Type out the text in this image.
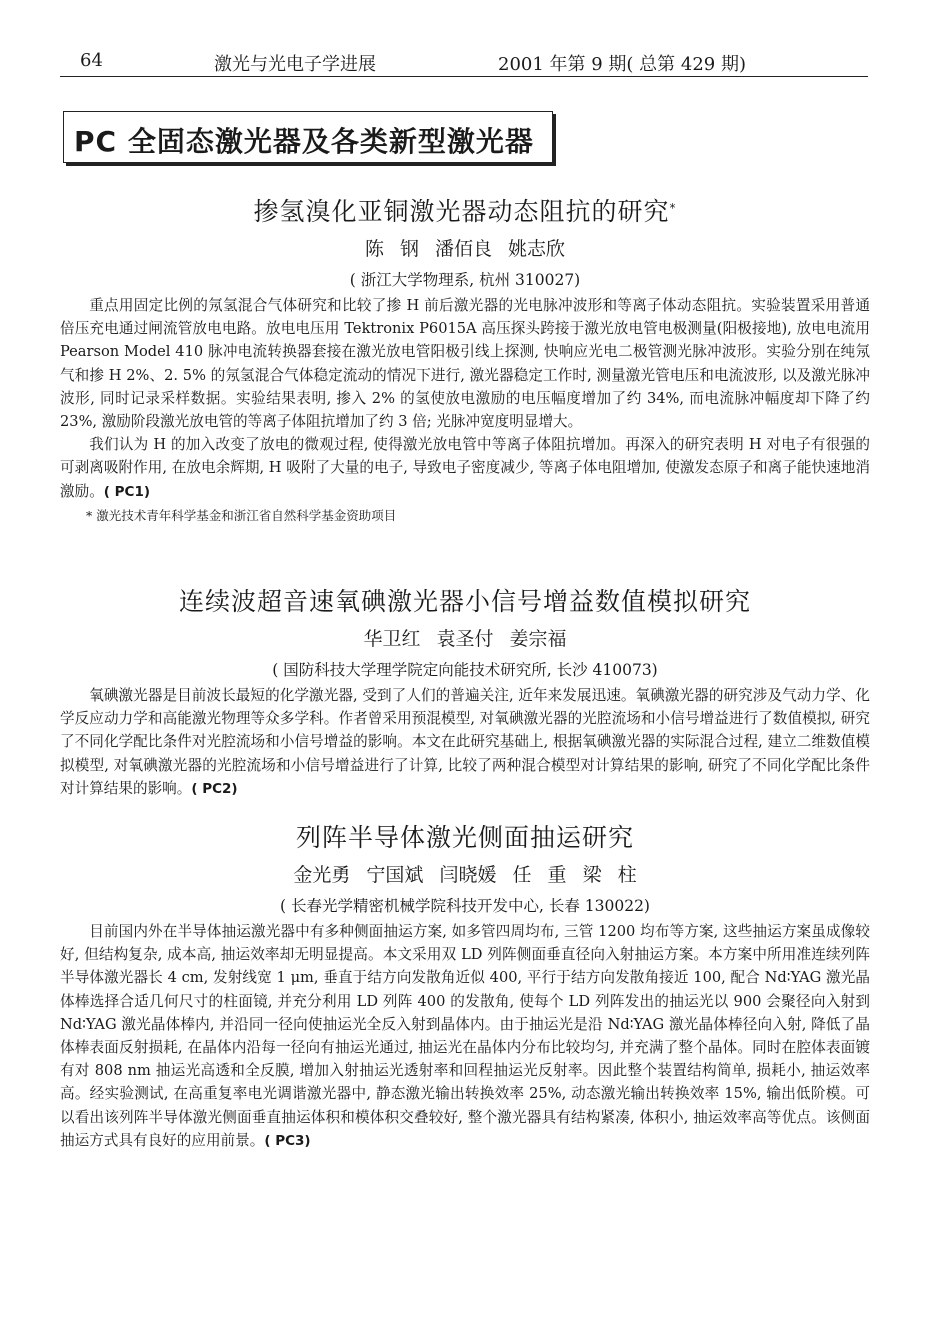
64	激光与光电子学进展	2001 年第 9 期( 总第 429 期)
PC 全固态激光器及各类新型激光器
掺氢溴化亚铜激光器动态阻抗的研究*
陈 钢 潘佰良 姚志欣
( 浙江大学物理系, 杭州 310027)

重点用固定比例的氖氢混合气体研究和比较了掺 H 前后激光器的光电脉冲波形和等离子体动态阻抗。实验装置采用普通倍压充电通过闸流管放电电路。放电电压用 Tektronix P6015A 高压探头跨接于激光放电管电极测量(阳极接地), 放电电流用 Pearson Model 410 脉冲电流转换器套接在激光放电管阳极引线上探测, 快响应光电二极管测光脉冲波形。实验分别在纯氖气和掺 H 2%、2. 5% 的氖氢混合气体稳定流动的情况下进行, 激光器稳定工作时, 测量激光管电压和电流波形, 以及激光脉冲波形, 同时记录采样数据。实验结果表明, 掺入 2% 的氢使放电激励的电压幅度增加了约 34%, 而电流脉冲幅度却下降了约 23%, 激励阶段激光放电管的等离子体阻抗增加了约 3 倍; 光脉冲宽度明显增大。

我们认为 H 的加入改变了放电的微观过程, 使得激光放电管中等离子体阻抗增加。再深入的研究表明 H 对电子有很强的可剥离吸附作用, 在放电余辉期, H 吸附了大量的电子, 导致电子密度减少, 等离子体电阻增加, 使激发态原子和离子能快速地消激励。( PC1)

* 激光技术青年科学基金和浙江省自然科学基金资助项目
连续波超音速氧碘激光器小信号增益数值模拟研究
华卫红 袁圣付 姜宗福
( 国防科技大学理学院定向能技术研究所, 长沙 410073)

氧碘激光器是目前波长最短的化学激光器, 受到了人们的普遍关注, 近年来发展迅速。氧碘激光器的研究涉及气动力学、化学反应动力学和高能激光物理等众多学科。作者曾采用预混模型, 对氧碘激光器的光腔流场和小信号增益进行了数值模拟, 研究了不同化学配比条件对光腔流场和小信号增益的影响。本文在此研究基础上, 根据氧碘激光器的实际混合过程, 建立二维数值模拟模型, 对氧碘激光器的光腔流场和小信号增益进行了计算, 比较了两种混合模型对计算结果的影响, 研究了不同化学配比条件对计算结果的影响。( PC2)

列阵半导体激光侧面抽运研究
金光勇 宁国斌 闫晓媛 任 重 梁 柱
( 长春光学精密机械学院科技开发中心, 长春 130022)

目前国内外在半导体抽运激光器中有多种侧面抽运方案, 如多管四周均布, 三管 1200 均布等方案, 这些抽运方案虽成像较好, 但结构复杂, 成本高, 抽运效率却无明显提高。本文采用双 LD 列阵侧面垂直径向入射抽运方案。本方案中所用准连续列阵半导体激光器长 4 cm, 发射线宽 1 μm, 垂直于结方向发散角近似 400, 平行于结方向发散角接近 100, 配合 Nd∶YAG 激光晶体棒选择合适几何尺寸的柱面镜, 并充分利用 LD 列阵 400 的发散角, 使每个 LD 列阵发出的抽运光以 900 会聚径向入射到 Nd∶YAG 激光晶体棒内, 并沿同一径向使抽运光全反入射到晶体内。由于抽运光是沿 Nd∶YAG 激光晶体棒径向入射, 降低了晶体棒表面反射损耗, 在晶体内沿每一径向有抽运光通过, 抽运光在晶体内分布比较均匀, 并充满了整个晶体。同时在腔体表面镀有对 808 nm 抽运光高透和全反膜, 增加入射抽运光透射率和回程抽运光反射率。因此整个装置结构简单, 损耗小, 抽运效率高。经实验测试, 在高重复率电光调谐激光器中, 静态激光输出转换效率 25%, 动态激光输出转换效率 15%, 输出低阶模。可以看出该列阵半导体激光侧面垂直抽运体积和模体积交叠较好, 整个激光器具有结构紧凑, 体积小, 抽运效率高等优点。该侧面抽运方式具有良好的应用前景。( PC3)
